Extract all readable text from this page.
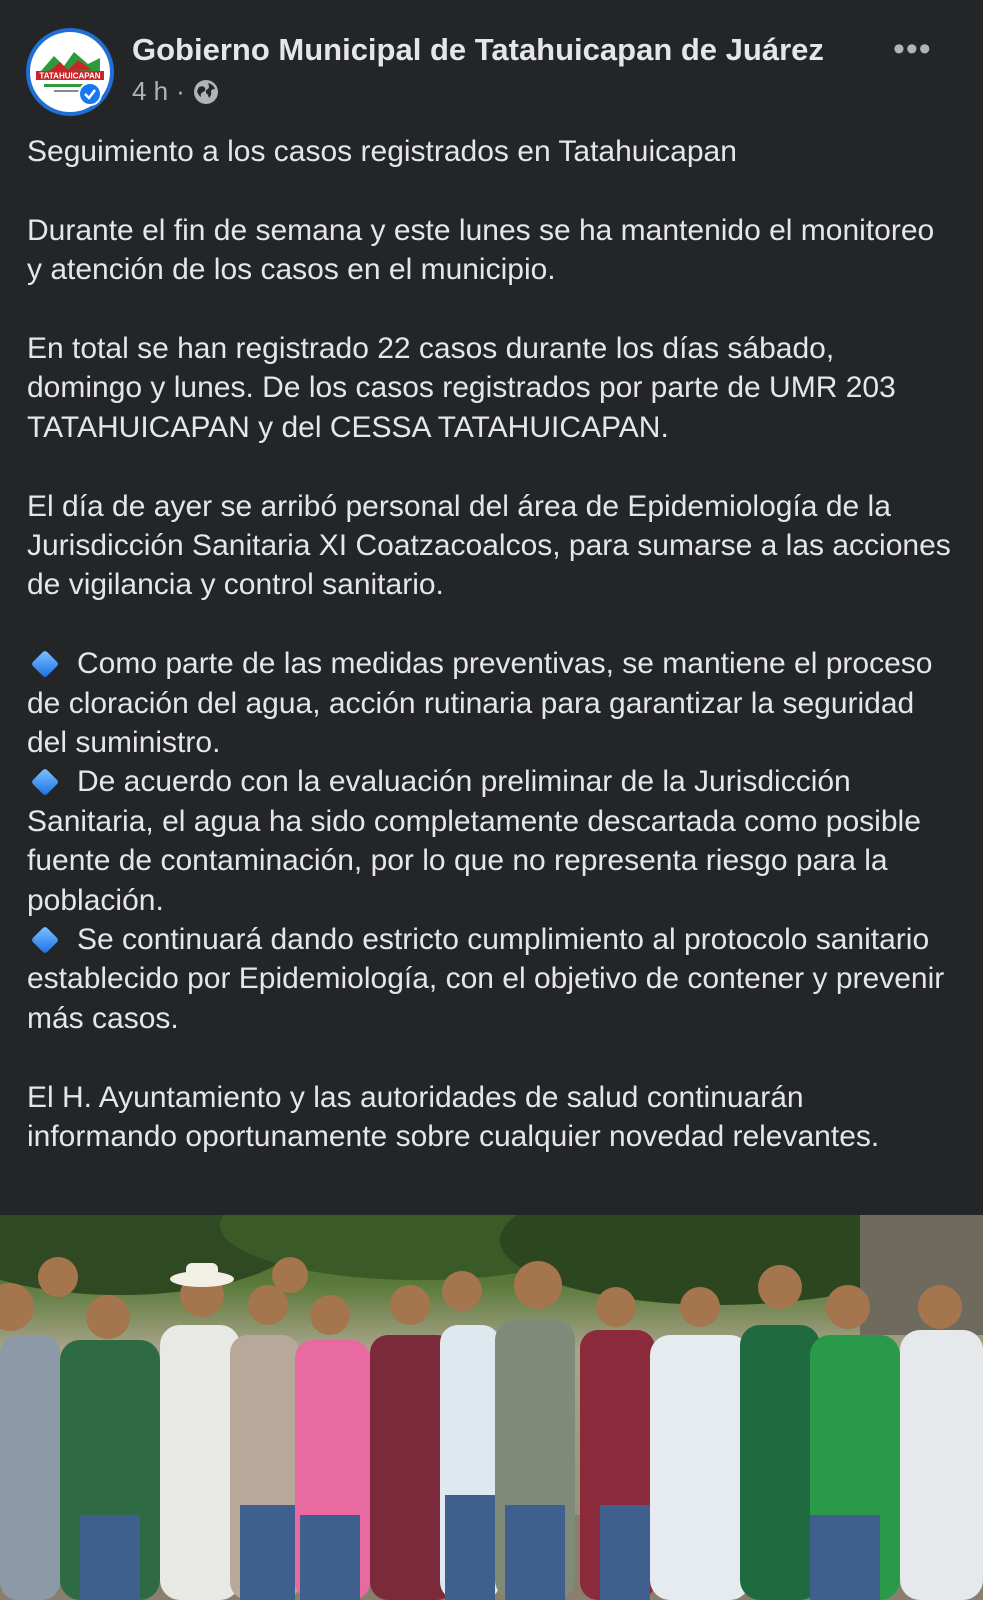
TATAHUICAPAN
Gobierno Municipal de Tatahuicapan de Juárez
4 h ·
•••

Seguimiento a los casos registrados en Tatahuicapan

Durante el fin de semana y este lunes se ha mantenido el monitoreo y atención de los casos en el municipio.

En total se han registrado 22 casos durante los días sábado, domingo y lunes. De los casos registrados por parte de UMR 203 TATAHUICAPAN y del CESSA TATAHUICAPAN.

El día de ayer se arribó personal del área de Epidemiología de la Jurisdicción Sanitaria XI Coatzacoalcos, para sumarse a las acciones de vigilancia y control sanitario.

Como parte de las medidas preventivas, se mantiene el proceso de cloración del agua, acción rutinaria para garantizar la seguridad del suministro.

De acuerdo con la evaluación preliminar de la Jurisdicción Sanitaria, el agua ha sido completamente descartada como posible fuente de contaminación, por lo que no representa riesgo para la población.

Se continuará dando estricto cumplimiento al protocolo sanitario establecido por Epidemiología, con el objetivo de contener y prevenir más casos.

El H. Ayuntamiento y las autoridades de salud continuarán informando oportunamente sobre cualquier novedad relevantes.
